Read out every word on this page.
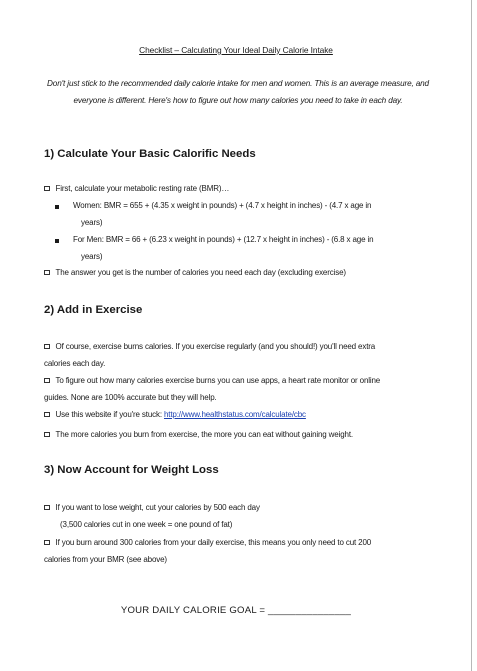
Checklist – Calculating Your Ideal Daily Calorie Intake
Don't just stick to the recommended daily calorie intake for men and women. This is an average measure, and everyone is different. Here's how to figure out how many calories you need to take in each day.
1) Calculate Your Basic Calorific Needs
First, calculate your metabolic resting rate (BMR)…
Women: BMR = 655 + (4.35 x weight in pounds) + (4.7 x height in inches) - (4.7 x age in
years)
For Men: BMR = 66 + (6.23 x weight in pounds) + (12.7 x height in inches) - (6.8 x age in
years)
The answer you get is the number of calories you need each day (excluding exercise)
2) Add in Exercise
Of course, exercise burns calories. If you exercise regularly (and you should!) you'll need extra
calories each day.
To figure out how many calories exercise burns you can use apps, a heart rate monitor or online
guides. None are 100% accurate but they will help.
Use this website if you're stuck: http://www.healthstatus.com/calculate/cbc
The more calories you burn from exercise, the more you can eat without gaining weight.
3) Now Account for Weight Loss
If you want to lose weight, cut your calories by 500 each day
(3,500 calories cut in one week = one pound of fat)
If you burn around 300 calories from your daily exercise, this means you only need to cut 200
calories from your BMR (see above)
YOUR DAILY CALORIE GOAL = _______________
